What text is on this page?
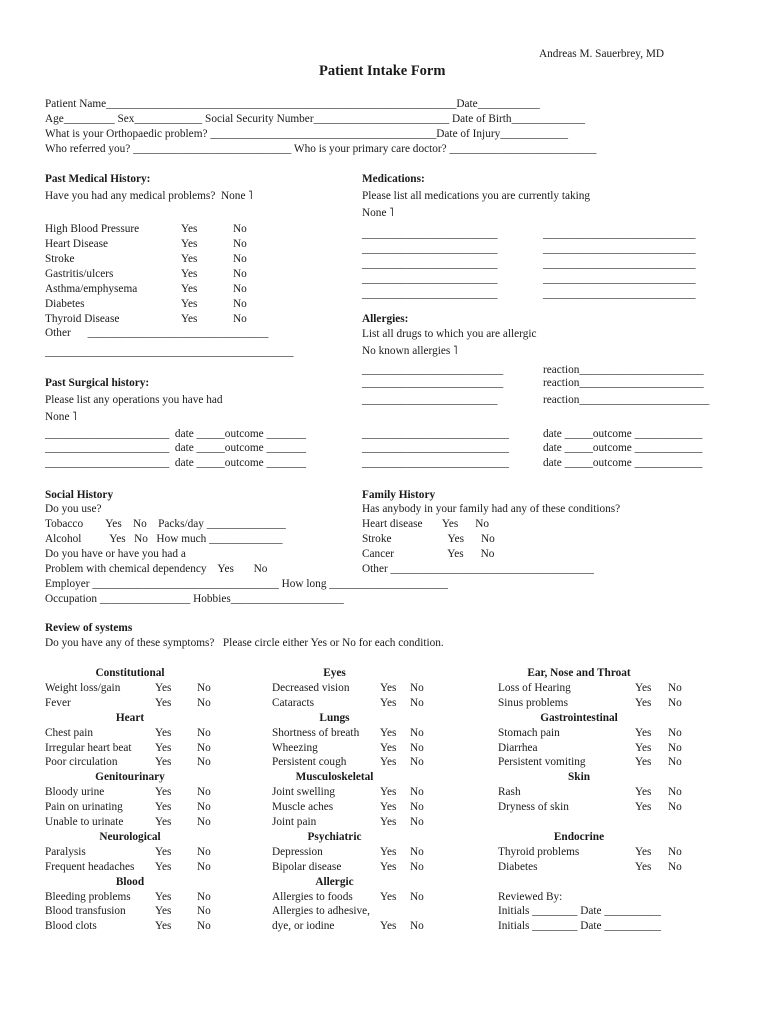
Andreas M. Sauerbrey, MD
Patient Intake Form
Patient Name______________________________________________________________Date___________
Age_________ Sex____________ Social Security Number________________________ Date of Birth_____________
What is your Orthopaedic problem? ________________________________________Date of Injury____________
Who referred you? ____________________________ Who is your primary care doctor? __________________________
Past Medical History:
Have you had any medical problems?  None ˥
High Blood Pressure	Yes	No
Heart Disease	Yes	No
Stroke	Yes	No
Gastritis/ulcers	Yes	No
Asthma/emphysema	Yes	No
Diabetes	Yes	No
Thyroid Disease	Yes	No
Other      ________________________________
____________________________________________
Medications:
Please list all medications you are currently taking
None ˥
________________________	___________________________
________________________	___________________________
________________________	___________________________
________________________	___________________________
________________________	___________________________
Allergies:
List all drugs to which you are allergic
No known allergies ˥
_________________________	reaction______________________
_________________________	reaction______________________
________________________	reaction_______________________
Past Surgical history:
Please list any operations you have had
None ˥
______________________  date _____outcome _______
______________________  date _____outcome _______
______________________  date _____outcome _______
__________________________	date _____outcome ____________
__________________________	date _____outcome ____________
__________________________	date _____outcome ____________
Social History
Do you use?
Tobacco        Yes    No    Packs/day ______________
Alcohol          Yes   No   How much _____________
Do you have or have you had a
Problem with chemical dependency    Yes       No
Employer _________________________________ How long _____________________
Occupation ________________ Hobbies____________________
Family History
Has anybody in your family had any of these conditions?
Heart disease       Yes      No
Stroke                    Yes      No
Cancer                   Yes      No
Other ____________________________________
Review of systems
Do you have any of these symptoms?   Please circle either Yes or No for each condition.
Constitutional
Weight loss/gain	Yes No
Fever	Yes No
Heart
Chest pain	Yes No
Irregular heart beat Yes No
Poor circulation	Yes No
Genitourinary
Bloody urine	Yes No
Pain on urinating	Yes No
Unable to urinate	Yes No
Neurological
Paralysis	Yes No
Frequent headaches Yes No
Blood
Bleeding problems Yes No
Blood transfusion	Yes No
Blood clots	Yes No
Eyes
Decreased vision	Yes No
Cataracts	Yes No
Lungs
Shortness of breath Yes No
Wheezing	Yes No
Persistent cough	Yes No
Musculoskeletal
Joint swelling	Yes No
Muscle aches	Yes No
Joint pain	Yes No
Psychiatric
Depression	Yes No
Bipolar disease	Yes No
Allergic
Allergies to foods Yes No
Allergies to adhesive,
dye, or iodine	Yes No
Ear, Nose and Throat
Loss of Hearing	Yes No
Sinus problems	Yes No
Gastrointestinal
Stomach pain	Yes No
Diarrhea	Yes No
Persistent vomiting	Yes No
Skin
Rash	Yes No
Dryness of skin	Yes No
Endocrine
Thyroid problems	Yes No
Diabetes	Yes No
Reviewed By:
Initials ________ Date __________
Initials ________ Date __________
